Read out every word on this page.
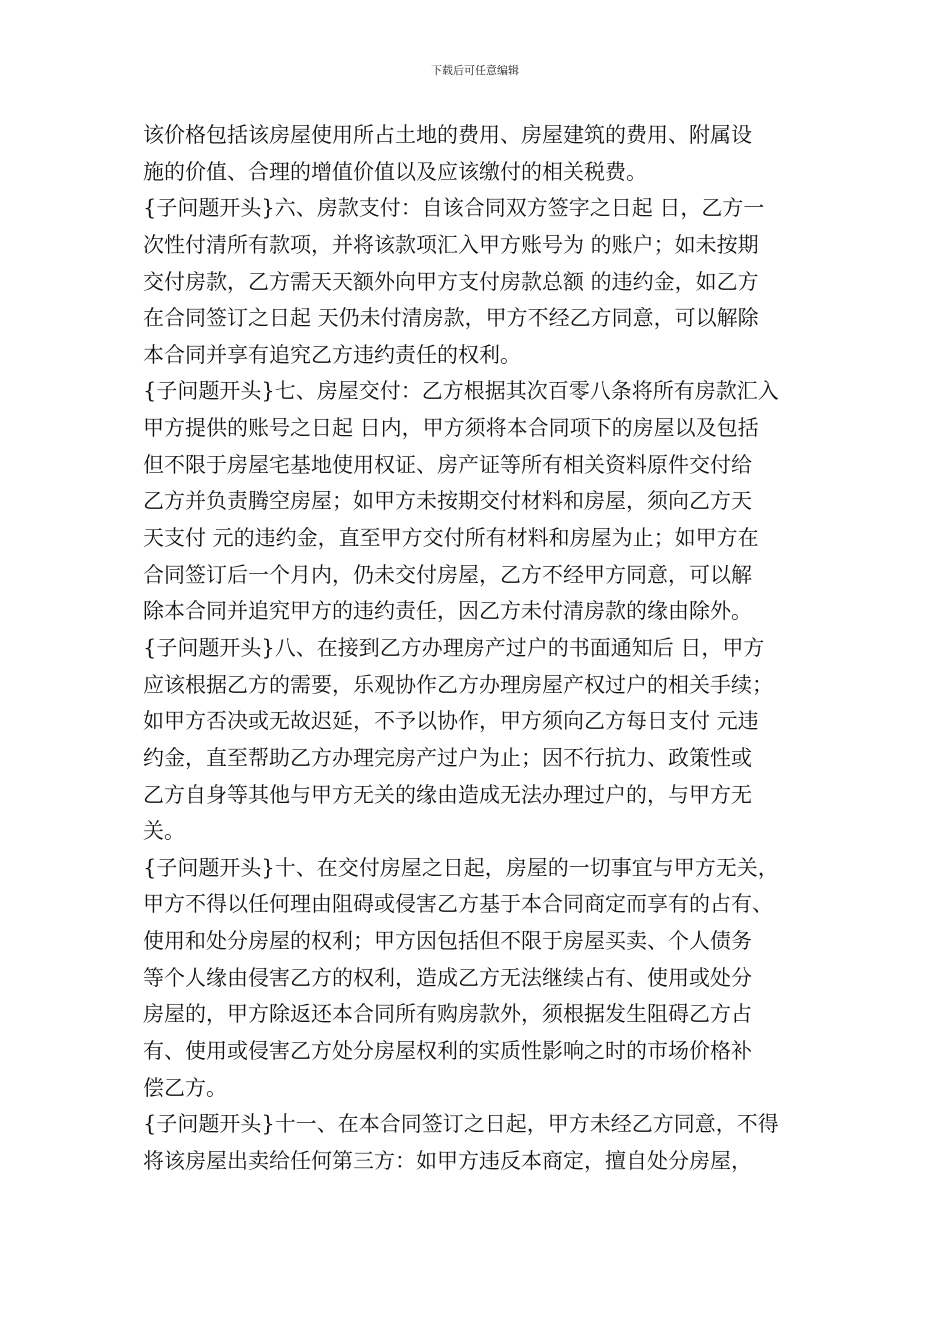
下载后可任意编辑
该价格包括该房屋使用所占土地的费用、房屋建筑的费用、附属设
施的价值、合理的增值价值以及应该缴付的相关税费。
{子问题开头}六、房款支付：自该合同双方签字之日起 日，乙方一
次性付清所有款项，并将该款项汇入甲方账号为 的账户；如未按期
交付房款，乙方需天天额外向甲方支付房款总额 的违约金，如乙方
在合同签订之日起 天仍未付清房款，甲方不经乙方同意，可以解除
本合同并享有追究乙方违约责任的权利。
{子问题开头}七、房屋交付：乙方根据其次百零八条将所有房款汇入
甲方提供的账号之日起 日内，甲方须将本合同项下的房屋以及包括
但不限于房屋宅基地使用权证、房产证等所有相关资料原件交付给
乙方并负责腾空房屋；如甲方未按期交付材料和房屋，须向乙方天
天支付 元的违约金，直至甲方交付所有材料和房屋为止；如甲方在
合同签订后一个月内，仍未交付房屋，乙方不经甲方同意，可以解
除本合同并追究甲方的违约责任，因乙方未付清房款的缘由除外。
{子问题开头}八、在接到乙方办理房产过户的书面通知后 日，甲方
应该根据乙方的需要，乐观协作乙方办理房屋产权过户的相关手续；
如甲方否决或无故迟延，不予以协作，甲方须向乙方每日支付 元违
约金，直至帮助乙方办理完房产过户为止；因不行抗力、政策性或
乙方自身等其他与甲方无关的缘由造成无法办理过户的，与甲方无
关。
{子问题开头}十、在交付房屋之日起，房屋的一切事宜与甲方无关，
甲方不得以任何理由阻碍或侵害乙方基于本合同商定而享有的占有、
使用和处分房屋的权利；甲方因包括但不限于房屋买卖、个人债务
等个人缘由侵害乙方的权利，造成乙方无法继续占有、使用或处分
房屋的，甲方除返还本合同所有购房款外，须根据发生阻碍乙方占
有、使用或侵害乙方处分房屋权利的实质性影响之时的市场价格补
偿乙方。
{子问题开头}十一、在本合同签订之日起，甲方未经乙方同意，不得
将该房屋出卖给任何第三方：如甲方违反本商定，擅自处分房屋，
